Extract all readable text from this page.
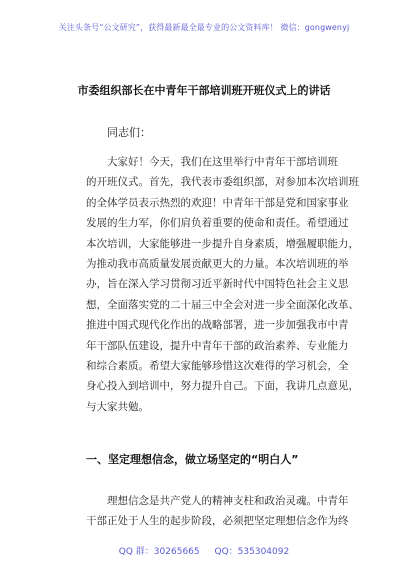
关注头条号“公文研究”，获得最新最全最专业的公文资料库！ 微信：gongwenyj
市委组织部长在中青年干部培训班开班仪式上的讲话
同志们：
大家好！今天，我们在这里举行中青年干部培训班
的开班仪式。首先，我代表市委组织部，对参加本次培训班
的全体学员表示热烈的欢迎！中青年干部是党和国家事业
发展的生力军，你们肩负着重要的使命和责任。希望通过
本次培训，大家能够进一步提升自身素质，增强履职能力，
为推动我市高质量发展贡献更大的力量。本次培训班的举
办，旨在深入学习贯彻习近平新时代中国特色社会主义思
想，全面落实党的二十届三中全会对进一步全面深化改革、
推进中国式现代化作出的战略部署，进一步加强我市中青
年干部队伍建设，提升中青年干部的政治素养、专业能力
和综合素质。希望大家能够珍惜这次难得的学习机会，全
身心投入到培训中，努力提升自己。下面，我讲几点意见，
与大家共勉。
一、坚定理想信念，做立场坚定的“明白人”
理想信念是共产党人的精神支柱和政治灵魂。中青年
干部正处于人生的起步阶段，必须把坚定理想信念作为终
QQ 群：30265665 QQ：535304092
